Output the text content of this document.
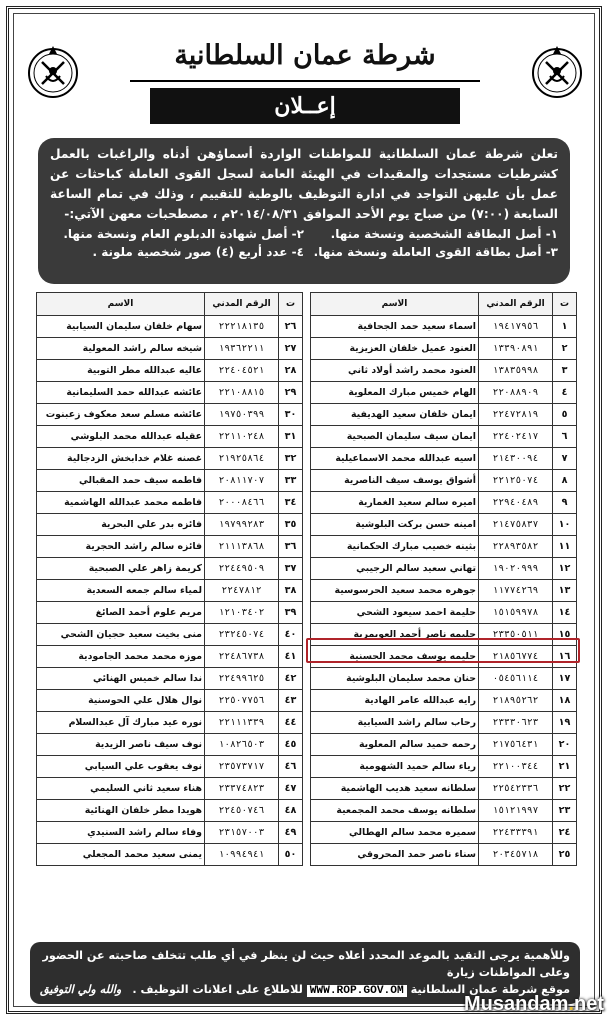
شرطة عمان السلطانية
إعــلان

تعلن شرطة عمان السلطانية للمواطنات الواردة أسماؤهن أدناه والراغبات بالعمل كشرطيات مستجدات والمقيدات في الهيئة العامة لسجل القوى العاملة كباحثات عن عمل بأن عليهن التواجد في ادارة التوظيف بالوطية للتقييم ، وذلك في تمام الساعة السابعة (٧:٠٠) من صباح يوم الأحد الموافق ٢٠١٤/٠٨/٣١م ، مصطحبات معهن الآتي:-

١- أصل البطاقة الشخصية ونسخة منها.
٢- أصل شهادة الدبلوم العام ونسخة منها.
٣- أصل بطاقة القوى العاملة ونسخة منها.
٤- عدد أربع (٤) صور شخصية ملونة .
ت	الرقم المدني	الاسم
١	١٩٤١٧٩٥٦	اسماء سعيد حمد الجحافية
٢	١٣٣٩٠٨٩١	العنود عميل خلفان العزيزية
٣	١٣٨٣٥٩٩٨	العنود محمد راشد أولاد ثاني
٤	٢٢٠٨٨٩٠٩	الهام خميس مبارك المعلوية
٥	٢٢٤٧٢٨١٩	ايمان خلفان سعيد الهديفية
٦	٢٢٤٠٢٤١٧	ايمان سيف سليمان الصبحية
٧	٢١٤٣٠٠٩٤	اسيه عبدالله محمد الاسماعيلية
٨	٢٢١٢٥٠٧٤	أشواق يوسف سيف الناصرية
٩	٢٢٩٤٠٤٨٩	اميره سالم سعيد الغمارية
١٠	٢١٤٧٥٨٣٧	امينه حسن بركت البلوشية
١١	٢٢٨٩٣٥٨٢	بثينه خصيب مبارك الحكمانية
١٢	١٩٠٢٠٩٩٩	تهاني سعيد سالم الرجيبي
١٣	١١٧٧٤٢٦٩	جوهره محمد سعيد الحرسوسية
١٤	١٥١٥٩٩٧٨	حليمة احمد سيعود الشحي
١٥	٢٣٣٥٠٥١١	حليمه ناصر أحمد العويمرية
١٦	٢١٨٥٦٧٧٤	حليمه يوسف محمد الحسنية
١٧	٠٥٤٥٦١١٤	حنان محمد سليمان البلوشية
١٨	٢١٨٩٥٢٦٢	رايه عبدالله عامر الهادية
١٩	٢٣٣٣٠٦٢٣	رحاب سالم راشد السيابية
٢٠	٢١٧٥٦٤٣١	رحمه حميد سالم المعلوية
٢١	٢٢١٠٠٣٤٤	رياء سالم حميد الشهومية
٢٢	٢٢٥٤٢٣٣٦	سلطانه سعيد هديب الهاشمية
٢٣	١٥١٢١٩٩٧	سلطانه يوسف محمد المجمعية
٢٤	٢٢٤٣٣٣٩١	سميره محمد سالم الهطالي
٢٥	٢٠٣٤٥٧١٨	سناء ناصر حمد المحروقي
ت	الرقم المدني	الاسم
٢٦	٢٢٢١٨١٣٥	سهام خلفان سليمان السيابية
٢٧	١٩٣٦٢٢١١	شيخه سالم راشد المعولية
٢٨	٢٢٤٠٤٥٢١	عاليه عبدالله مطر التوبية
٢٩	٢٢١٠٨٨١٥	عائشه عبدالله حمد السليمانية
٣٠	١٩٧٥٠٣٩٩	عائشه مسلم سعد معكوف زعبنوت
٣١	٢٢١١٠٢٤٨	عقيله عبدالله محمد البلوشي
٣٢	٢١٩٢٥٨٦٤	غصنه غلام خدابخش الزدجالية
٣٣	٢٠٨١١٧٠٧	فاطمه سيف حمد المقبالي
٣٤	٢٠٠٠٨٤٦٦	فاطمه محمد عبدالله الهاشمية
٣٥	١٩٧٩٩٢٨٣	فائزه بدر علي البحرية
٣٦	٢١١١٣٨٦٨	فائزه سالم راشد الحجرية
٣٧	٢٢٤٤٩٥٠٩	كريمة زاهر علي الصبحية
٣٨	٢٢٤٧٨١٢	لمياء سالم جمعه السعدية
٣٩	١٢١٠٣٤٠٢	مريم علوم أحمد الصائغ
٤٠	٢٣٢٤٥٠٧٤	منى بخيت سعيد حجيان الشحي
٤١	٢٢٤٨٦٧٣٨	موزه محمد محمد الجامودية
٤٢	٢٢٤٩٩٦٢٥	ندا سالم خميس الهنائي
٤٣	٢٢٥٠٧٧٥٦	نوال هلال علي الحوسنية
٤٤	٢٢١١١٣٣٩	نوره عيد مبارك آل عبدالسلام
٤٥	١٠٨٢٦٥٠٣	نوف سيف ناصر الزيدية
٤٦	٢٣٥٧٣٧١٧	نوف يعقوب علي السيابي
٤٧	٢٣٣٧٤٨٢٣	هناء سعيد ثاني السليمي
٤٨	٢٢٤٥٠٧٤٦	هويدا مطر خلفان الهنائية
٤٩	٢٣١٥٧٠٠٣	وفاء سالم راشد السنيدي
٥٠	١٠٩٩٤٩٤١	يمنى سعيد محمد المجعلي
وللأهمية يرجى التقيد بالموعد المحدد أعلاه حيث لن ينظر في أي طلب تتخلف صاحبته عن الحضور وعلى المواطنات زيارة
موقع شرطة عمان السلطانية WWW.ROP.GOV.OM للاطلاع على اعلانات التوظيف .
والله ولي التوفيق
Musandam.net
